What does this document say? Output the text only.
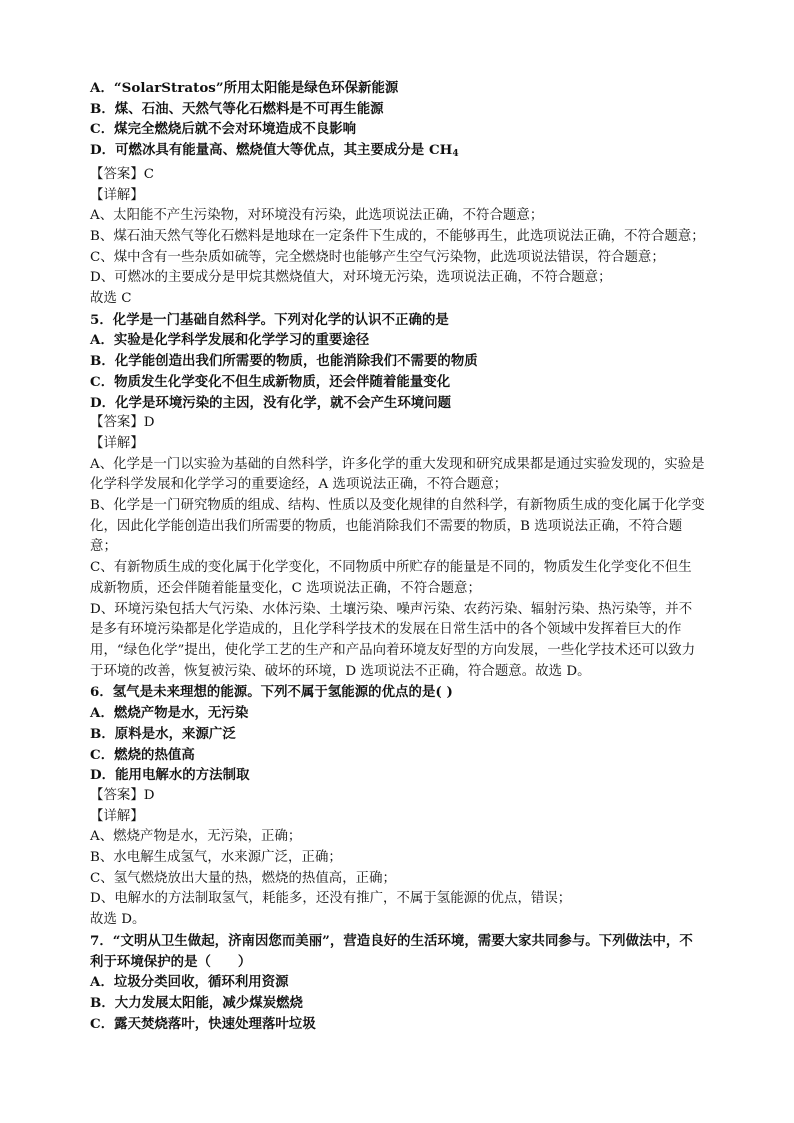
A．“SolarStratos”所用太阳能是绿色环保新能源
B．煤、石油、天然气等化石燃料是不可再生能源
C．煤完全燃烧后就不会对环境造成不良影响
D．可燃冰具有能量高、燃烧值大等优点，其主要成分是 $CH_4$
【答案】C
【详解】
A、太阳能不产生污染物，对环境没有污染，此选项说法正确，不符合题意；
B、煤石油天然气等化石燃料是地球在一定条件下生成的，不能够再生，此选项说法正确，不符合题意；
C、煤中含有一些杂质如硫等，完全燃烧时也能够产生空气污染物，此选项说法错误，符合题意；
D、可燃冰的主要成分是甲烷其燃烧值大，对环境无污染，选项说法正确，不符合题意；
故选 C
5．化学是一门基础自然科学。下列对化学的认识不正确的是
A．实验是化学科学发展和化学学习的重要途径
B．化学能创造出我们所需要的物质，也能消除我们不需要的物质
C．物质发生化学变化不但生成新物质，还会伴随着能量变化
D．化学是环境污染的主因，没有化学，就不会产生环境问题
【答案】D
【详解】
A、化学是一门以实验为基础的自然科学，许多化学的重大发现和研究成果都是通过实验发现的，实验是化学科学发展和化学学习的重要途经，A 选项说法正确，不符合题意；
B、化学是一门研究物质的组成、结构、性质以及变化规律的自然科学，有新物质生成的变化属于化学变化，因此化学能创造出我们所需要的物质，也能消除我们不需要的物质，B 选项说法正确，不符合题意；
C、有新物质生成的变化属于化学变化，不同物质中所贮存的能量是不同的，物质发生化学变化不但生成新物质，还会伴随着能量变化，C 选项说法正确，不符合题意；
D、环境污染包括大气污染、水体污染、土壤污染、噪声污染、农药污染、辐射污染、热污染等，并不是多有环境污染都是化学造成的，且化学科学技术的发展在日常生活中的各个领域中发挥着巨大的作用，“绿色化学”提出，使化学工艺的生产和产品向着环境友好型的方向发展，一些化学技术还可以致力于环境的改善，恢复被污染、破坏的环境，D 选项说法不正确，符合题意。故选 D。
6．氢气是未来理想的能源。下列不属于氢能源的优点的是( )
A．燃烧产物是水，无污染
B．原料是水，来源广泛
C．燃烧的热值高
D．能用电解水的方法制取
【答案】D
【详解】
A、燃烧产物是水，无污染，正确；
B、水电解生成氢气，水来源广泛，正确；
C、氢气燃烧放出大量的热，燃烧的热值高，正确；
D、电解水的方法制取氢气，耗能多，还没有推广，不属于氢能源的优点，错误；
故选 D。
7．“文明从卫生做起，济南因您而美丽”，营造良好的生活环境，需要大家共同参与。下列做法中，不利于环境保护的是（　　）
A．垃圾分类回收，循环利用资源
B．大力发展太阳能，减少煤炭燃烧
C．露天焚烧落叶，快速处理落叶垃圾
